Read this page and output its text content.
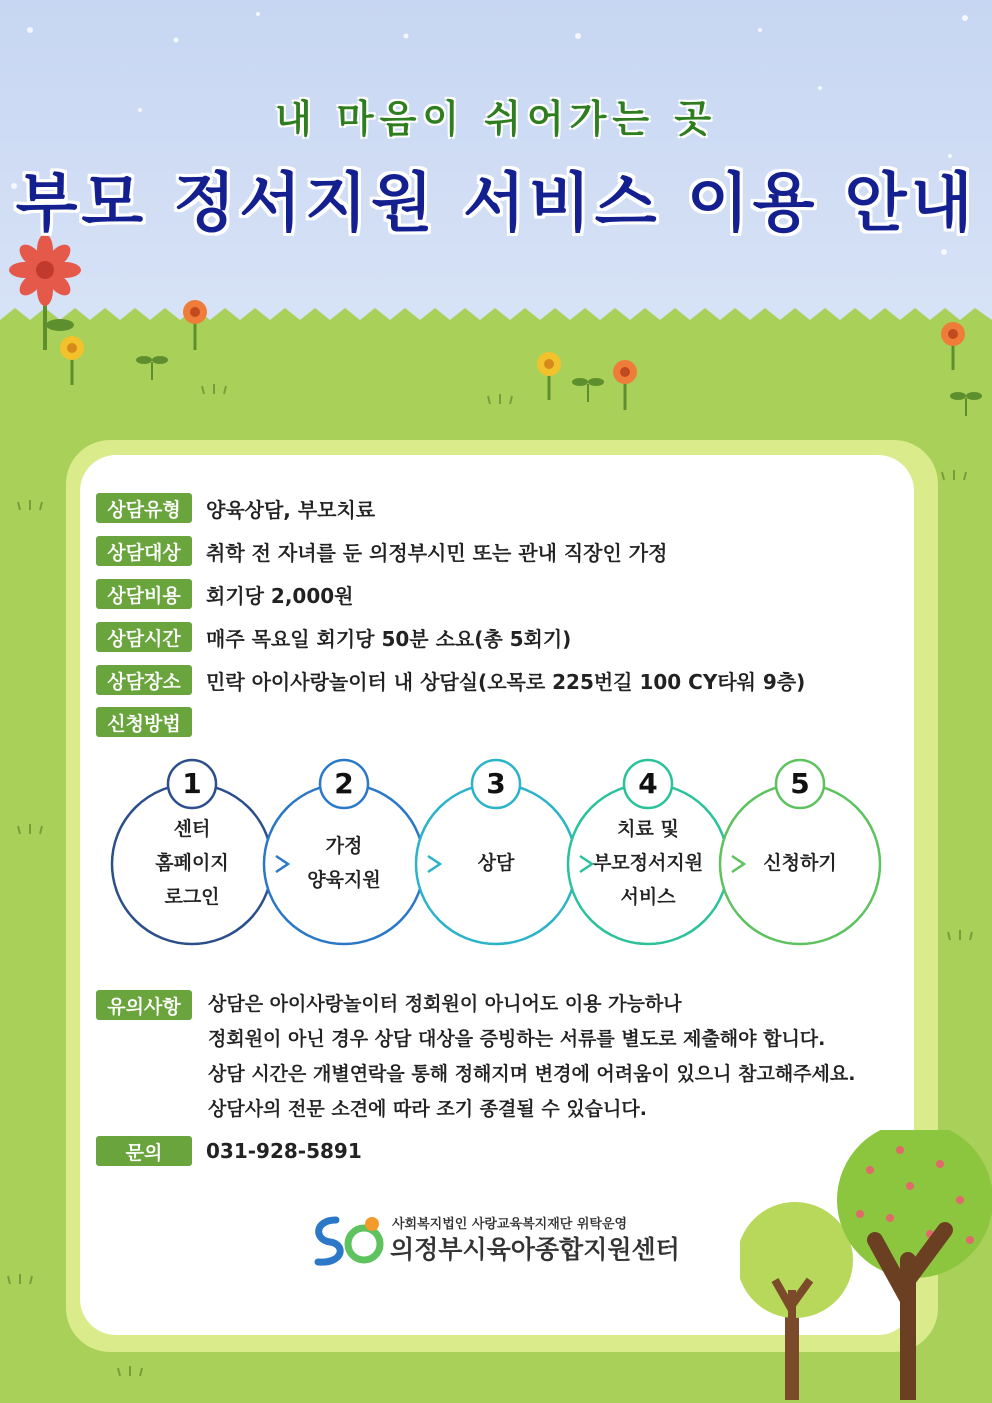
내 마음이 쉬어가는 곳
부모 정서지원 서비스 이용 안내
상담유형	양육상담, 부모치료
상담대상	취학 전 자녀를 둔 의정부시민 또는 관내 직장인 가정
상담비용	회기당 2,000원
상담시간	매주 목요일 회기당 50분 소요(총 5회기)
상담장소	민락 아이사랑놀이터 내 상담실(오목로 225번길 100 CY타워 9층)
신청방법
1	2	3	4	5
센터
홈페이지
로그인
가정
양육지원
상담
치료 및
부모정서지원
서비스
신청하기
유의사항	상담은 아이사랑놀이터 정회원이 아니어도 이용 가능하나
정회원이 아닌 경우 상담 대상을 증빙하는 서류를 별도로 제출해야 합니다.
상담 시간은 개별연락을 통해 정해지며 변경에 어려움이 있으니 참고해주세요.
상담사의 전문 소견에 따라 조기 종결될 수 있습니다.
문의	031-928-5891
사회복지법인 사랑교육복지재단 위탁운영
의정부시육아종합지원센터
